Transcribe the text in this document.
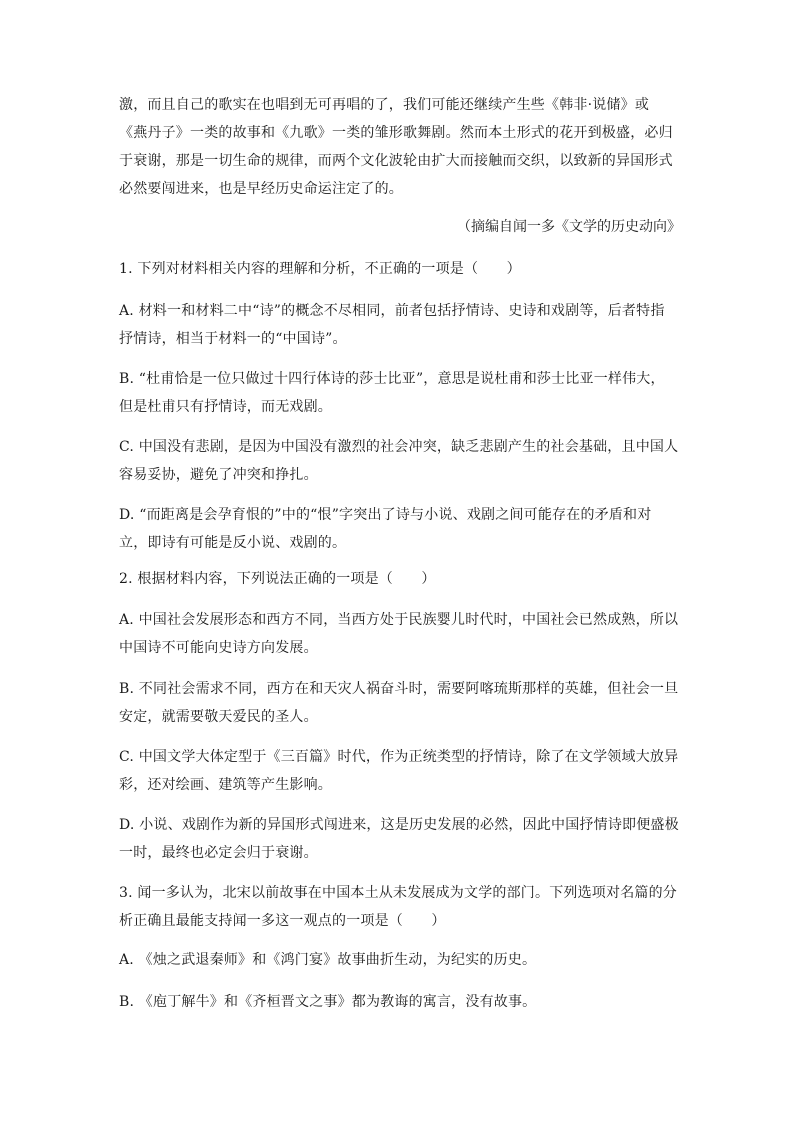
激，而且自己的歌实在也唱到无可再唱的了，我们可能还继续产生些《韩非·说储》或
《燕丹子》一类的故事和《九歌》一类的雏形歌舞剧。然而本土形式的花开到极盛，必归
于衰谢，那是一切生命的规律，而两个文化波轮由扩大而接触而交织，以致新的异国形式
必然要闯进来，也是早经历史命运注定了的。
（摘编自闻一多《文学的历史动向》
1. 下列对材料相关内容的理解和分析，不正确的一项是（　　）
A. 材料一和材料二中“诗”的概念不尽相同，前者包括抒情诗、史诗和戏剧等，后者特指
抒情诗，相当于材料一的“中国诗”。
B. “杜甫恰是一位只做过十四行体诗的莎士比亚”，意思是说杜甫和莎士比亚一样伟大，
但是杜甫只有抒情诗，而无戏剧。
C. 中国没有悲剧，是因为中国没有激烈的社会冲突，缺乏悲剧产生的社会基础，且中国人
容易妥协，避免了冲突和挣扎。
D. “而距离是会孕育恨的”中的“恨”字突出了诗与小说、戏剧之间可能存在的矛盾和对
立，即诗有可能是反小说、戏剧的。
2. 根据材料内容，下列说法正确的一项是（　　）
A. 中国社会发展形态和西方不同，当西方处于民族婴儿时代时，中国社会已然成熟，所以
中国诗不可能向史诗方向发展。
B. 不同社会需求不同，西方在和天灾人祸奋斗时，需要阿喀琉斯那样的英雄，但社会一旦
安定，就需要敬天爱民的圣人。
C. 中国文学大体定型于《三百篇》时代，作为正统类型的抒情诗，除了在文学领域大放异
彩，还对绘画、建筑等产生影响。
D. 小说、戏剧作为新的异国形式闯进来，这是历史发展的必然，因此中国抒情诗即便盛极
一时，最终也必定会归于衰谢。
3. 闻一多认为，北宋以前故事在中国本土从未发展成为文学的部门。下列选项对名篇的分
析正确且最能支持闻一多这一观点的一项是（　　）
A. 《烛之武退秦师》和《鸿门宴》故事曲折生动，为纪实的历史。
B. 《庖丁解牛》和《齐桓晋文之事》都为教诲的寓言，没有故事。
